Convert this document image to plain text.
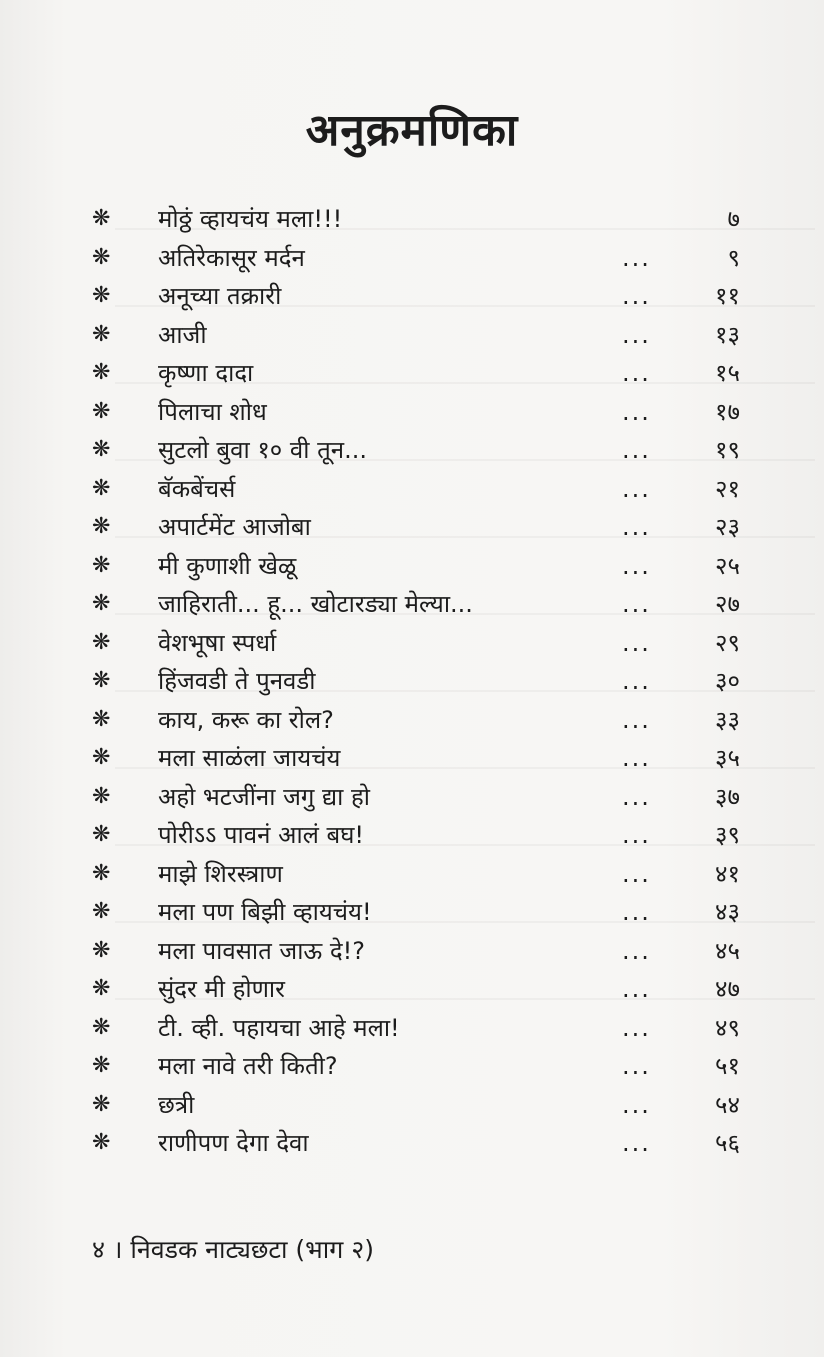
अनुक्रमणिका
❋ मोठ्ठं व्हायचंय मला!!!	७
❋ अतिरेकासूर मर्दन	...	९
❋ अनूच्या तक्रारी	...	११
❋ आजी	...	१३
❋ कृष्णा दादा	...	१५
❋ पिलाचा शोध	...	१७
❋ सुटलो बुवा १० वी तून...	...	१९
❋ बॅकबेंचर्स	...	२१
❋ अपार्टमेंट आजोबा	...	२३
❋ मी कुणाशी खेळू	...	२५
❋ जाहिराती... हू... खोटारड्या मेल्या...	...	२७
❋ वेशभूषा स्पर्धा	...	२९
❋ हिंजवडी ते पुनवडी	...	३०
❋ काय, करू का रोल?	...	३३
❋ मला साळंला जायचंय	...	३५
❋ अहो भटजींना जगु द्या हो	...	३७
❋ पोरीऽऽ पावनं आलं बघ!	...	३९
❋ माझे शिरस्त्राण	...	४१
❋ मला पण बिझी व्हायचंय!	...	४३
❋ मला पावसात जाऊ दे!?	...	४५
❋ सुंदर मी होणार	...	४७
❋ टी. व्ही. पहायचा आहे मला!	...	४९
❋ मला नावे तरी किती?	...	५१
❋ छत्री	...	५४
❋ राणीपण देगा देवा	...	५६
४ । निवडक नाट्यछटा (भाग २)
